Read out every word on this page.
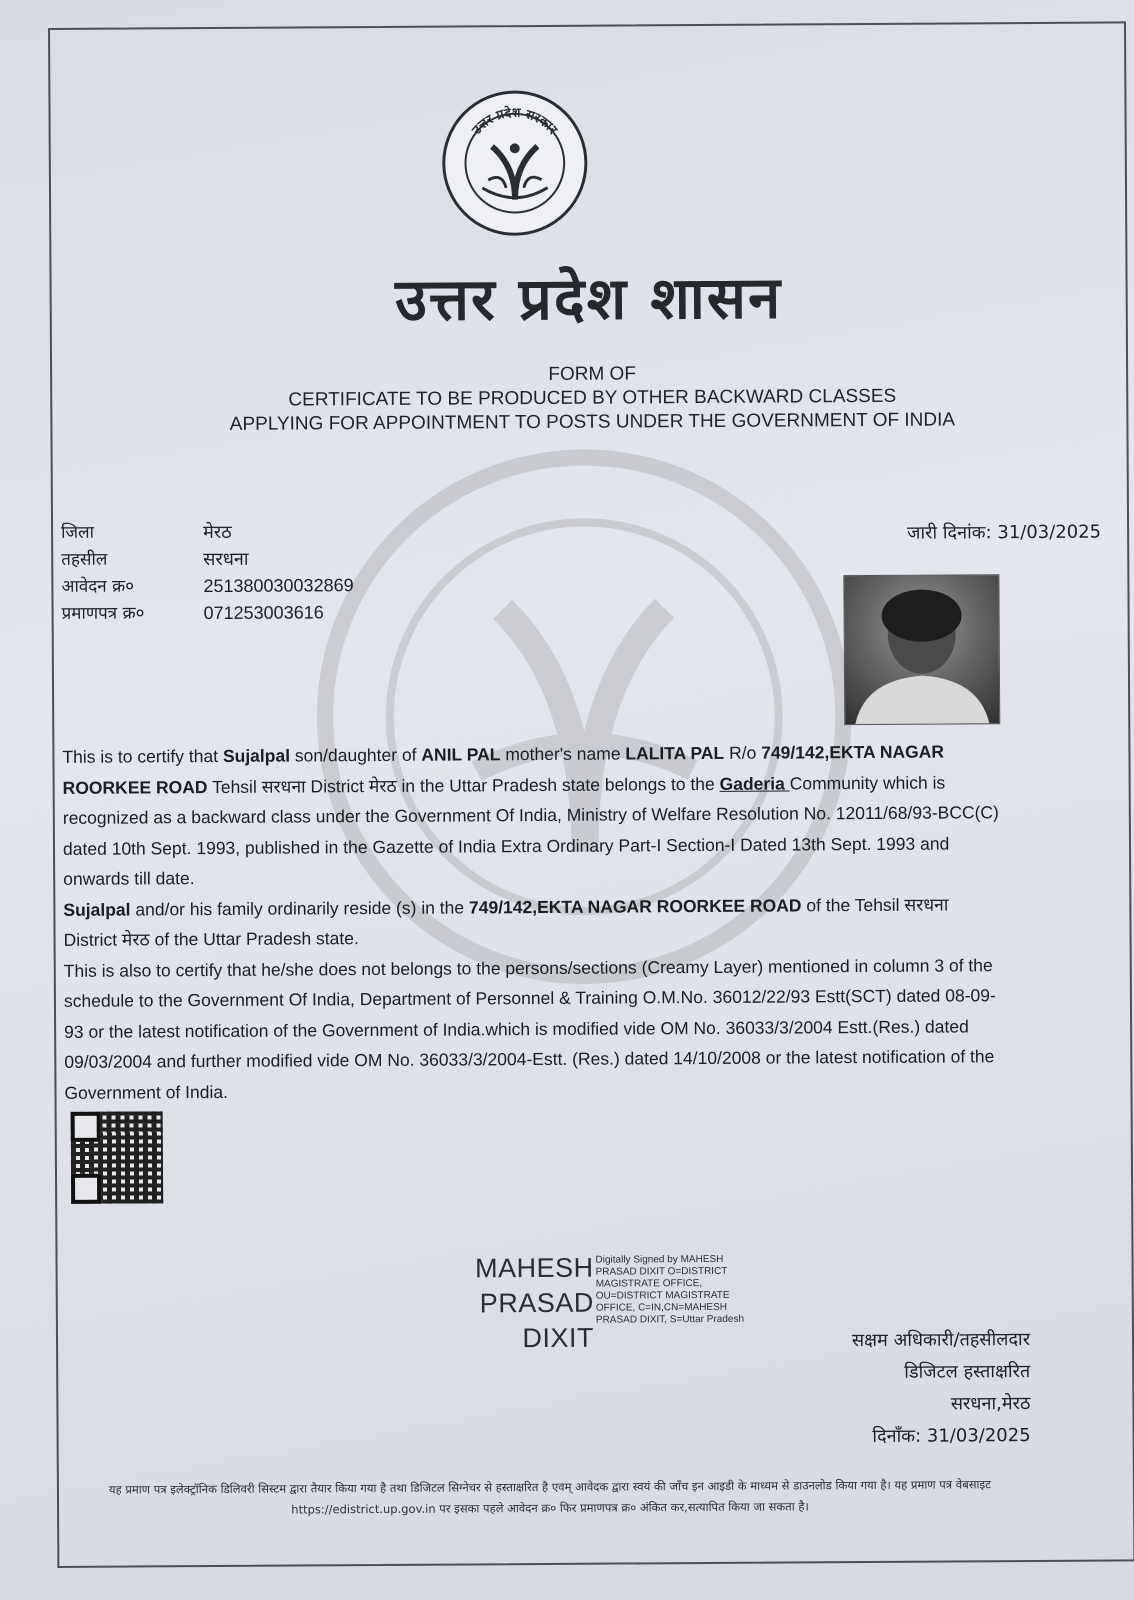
उत्तर प्रदेश सरकार
उत्तर प्रदेश शासन
FORM OF
CERTIFICATE TO BE PRODUCED BY OTHER BACKWARD CLASSES
APPLYING FOR APPOINTMENT TO POSTS UNDER THE GOVERNMENT OF INDIA
जिला	मेरठ
तहसील	सरधना
आवेदन क्र०	251380030032869
प्रमाणपत्र क्र०	071253003616
जारी दिनांक: 31/03/2025

This is to certify that Sujalpal son/daughter of ANIL PAL mother's name LALITA PAL R/o 749/142,EKTA NAGAR ROORKEE ROAD Tehsil सरधना District मेरठ in the Uttar Pradesh state belongs to the Gaderia Community which is recognized as a backward class under the Government Of India, Ministry of Welfare Resolution No. 12011/68/93-BCC(C) dated 10th Sept. 1993, published in the Gazette of India Extra Ordinary Part-I Section-I Dated 13th Sept. 1993 and onwards till date.

Sujalpal and/or his family ordinarily reside (s) in the 749/142,EKTA NAGAR ROORKEE ROAD of the Tehsil सरधना District मेरठ of the Uttar Pradesh state.

This is also to certify that he/she does not belongs to the persons/sections (Creamy Layer) mentioned in column 3 of the schedule to the Government Of India, Department of Personnel & Training O.M.No. 36012/22/93 Estt(SCT) dated 08-09-93 or the latest notification of the Government of India.which is modified vide OM No. 36033/3/2004 Estt.(Res.) dated 09/03/2004 and further modified vide OM No. 36033/3/2004-Estt. (Res.) dated 14/10/2008 or the latest notification of the Government of India.

MAHESH
PRASAD
DIXIT
Digitally Signed by MAHESH PRASAD DIXIT O=DISTRICT MAGISTRATE OFFICE, OU=DISTRICT MAGISTRATE OFFICE, C=IN,CN=MAHESH PRASAD DIXIT, S=Uttar Pradesh
सक्षम अधिकारी/तहसीलदार
डिजिटल हस्ताक्षरित
सरधना,मेरठ
दिनाँक: 31/03/2025
यह प्रमाण पत्र इलेक्ट्रॉनिक डिलिवरी सिस्टम द्वारा तैयार किया गया है तथा डिजिटल सिग्नेचर से हस्ताक्षरित है एवम् आवेदक द्वारा स्वयं की जाँच इन आइडी के माध्यम से डाउनलोड किया गया है। यह प्रमाण पत्र वेबसाइट https://edistrict.up.gov.in पर इसका पहले आवेदन क्र० फिर प्रमाणपत्र क्र० अंकित कर,सत्यापित किया जा सकता है।
